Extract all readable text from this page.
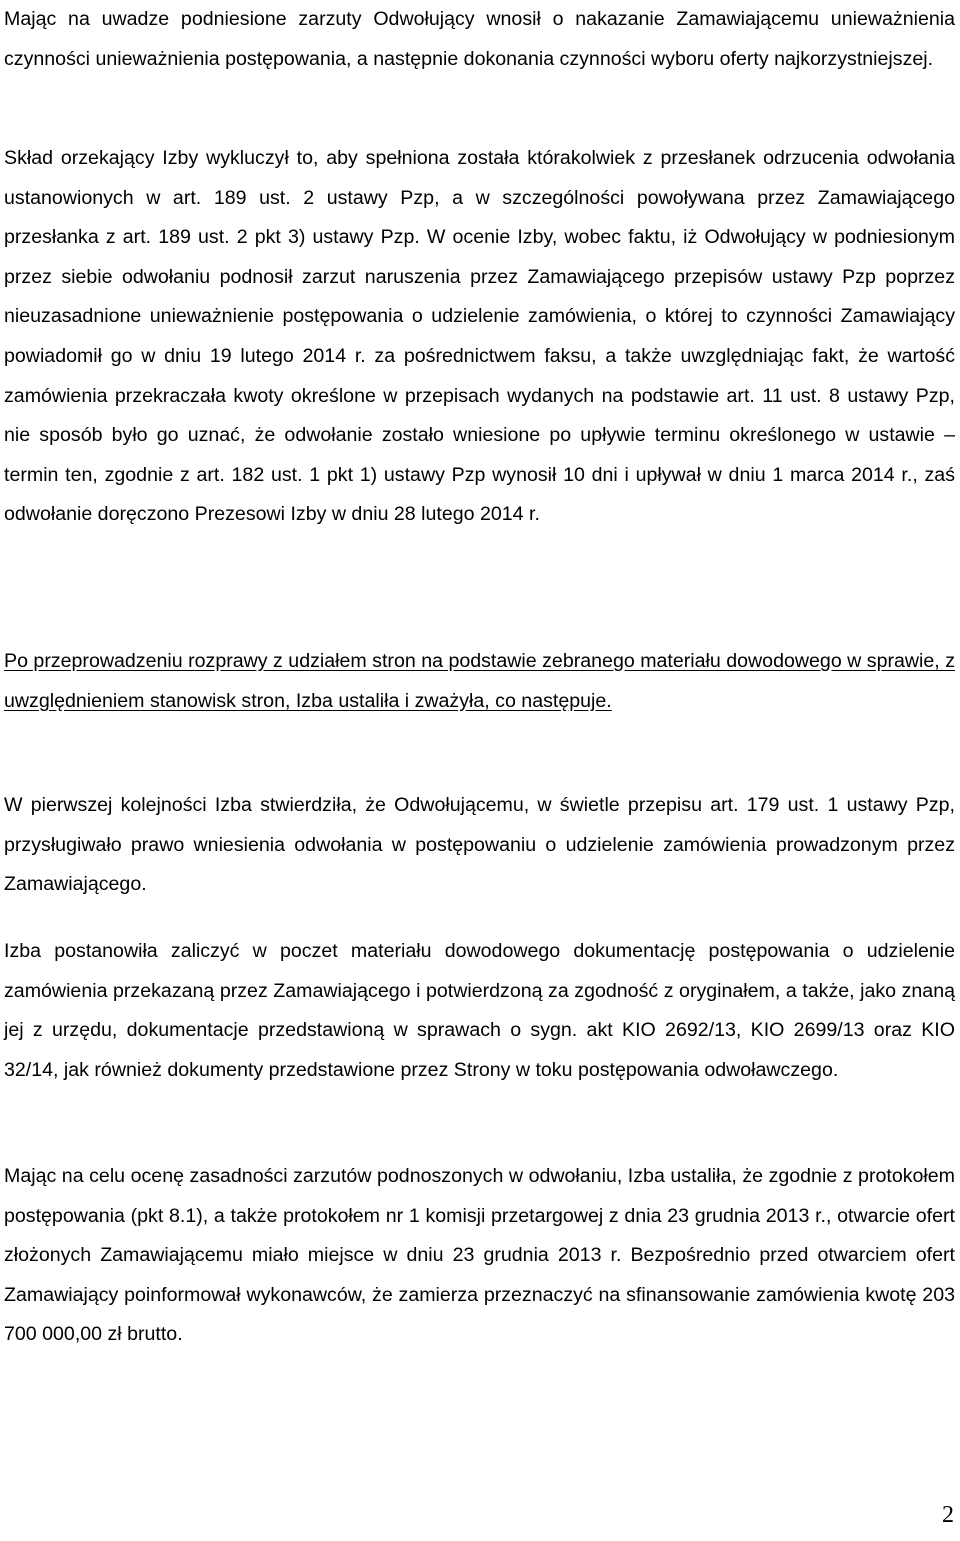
Mając na uwadze podniesione zarzuty Odwołujący wnosił o nakazanie Zamawiającemu unieważnienia czynności unieważnienia postępowania, a następnie dokonania czynności wyboru oferty najkorzystniejszej.

Skład orzekający Izby wykluczył to, aby spełniona została którakolwiek z przesłanek odrzucenia odwołania ustanowionych w art. 189 ust. 2 ustawy Pzp, a w szczególności powoływana przez Zamawiającego przesłanka z art. 189 ust. 2 pkt 3) ustawy Pzp. W ocenie Izby, wobec faktu, iż Odwołujący w podniesionym przez siebie odwołaniu podnosił zarzut naruszenia przez Zamawiającego przepisów ustawy Pzp poprzez nieuzasadnione unieważnienie postępowania o udzielenie zamówienia, o której to czynności Zamawiający powiadomił go w dniu 19 lutego 2014 r. za pośrednictwem faksu, a także uwzględniając fakt, że wartość zamówienia przekraczała kwoty określone w przepisach wydanych na podstawie art. 11 ust. 8 ustawy Pzp, nie sposób było go uznać, że odwołanie zostało wniesione po upływie terminu określonego w ustawie – termin ten, zgodnie z art. 182 ust. 1 pkt 1) ustawy Pzp wynosił 10 dni i upływał w dniu 1 marca 2014 r., zaś odwołanie doręczono Prezesowi Izby w dniu 28 lutego 2014 r.

Po przeprowadzeniu rozprawy z udziałem stron na podstawie zebranego materiału dowodowego w sprawie, z uwzględnieniem stanowisk stron, Izba ustaliła i zważyła, co następuje.

W pierwszej kolejności Izba stwierdziła, że Odwołującemu, w świetle przepisu art. 179 ust. 1 ustawy Pzp, przysługiwało prawo wniesienia odwołania w postępowaniu o udzielenie zamówienia prowadzonym przez Zamawiającego.

Izba postanowiła zaliczyć w poczet materiału dowodowego dokumentację postępowania o udzielenie zamówienia przekazaną przez Zamawiającego i potwierdzoną za zgodność z oryginałem, a także, jako znaną jej z urzędu, dokumentacje przedstawioną w sprawach o sygn. akt KIO 2692/13, KIO 2699/13 oraz KIO 32/14, jak również dokumenty przedstawione przez Strony w toku postępowania odwoławczego.

Mając na celu ocenę zasadności zarzutów podnoszonych w odwołaniu, Izba ustaliła, że zgodnie z protokołem postępowania (pkt 8.1), a także protokołem nr 1 komisji przetargowej z dnia 23 grudnia 2013 r., otwarcie ofert złożonych Zamawiającemu miało miejsce w dniu 23 grudnia 2013 r. Bezpośrednio przed otwarciem ofert Zamawiający poinformował wykonawców, że zamierza przeznaczyć na sfinansowanie zamówienia kwotę 203 700 000,00 zł brutto.

2
